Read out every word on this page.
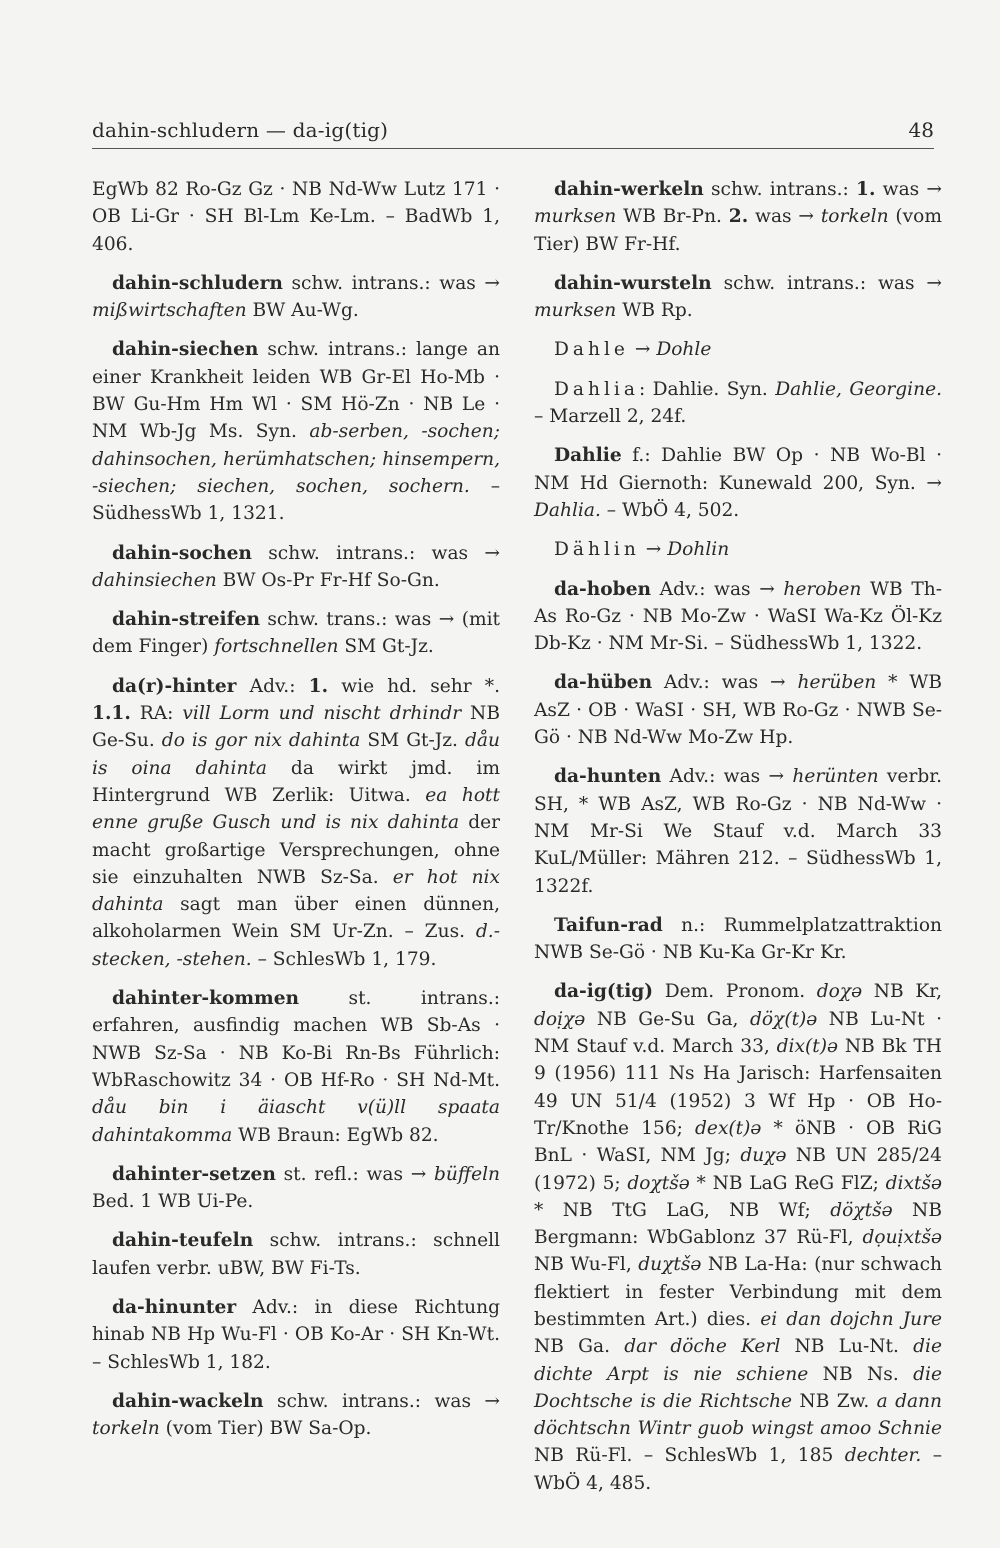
dahin-schludern — da-ig(tig)	48

EgWb 82 Ro-Gz Gz · NB Nd-Ww Lutz 171 · OB Li-Gr · SH Bl-Lm Ke-Lm. – BadWb 1, 406.

dahin-schludern schw. intrans.: was → mißwirtschaften BW Au-Wg.

dahin-siechen schw. intrans.: lange an einer Krankheit leiden WB Gr-El Ho-Mb · BW Gu-Hm Hm Wl · SM Hö-Zn · NB Le · NM Wb-Jg Ms. Syn. ab-serben, -sochen; dahinsochen, herümhatschen; hinsempern, -siechen; siechen, sochen, sochern. – SüdhessWb 1, 1321.

dahin-sochen schw. intrans.: was → dahinsiechen BW Os-Pr Fr-Hf So-Gn.

dahin-streifen schw. trans.: was → (mit dem Finger) fortschnellen SM Gt-Jz.

da(r)-hinter Adv.: 1. wie hd. sehr *. 1.1. RA: vill Lorm und nischt drhindr NB Ge-Su. do is gor nix dahinta SM Gt-Jz. dåu is oina dahinta da wirkt jmd. im Hintergrund WB Zerlik: Uitwa. ea hott enne gruße Gusch und is nix dahinta der macht großartige Versprechungen, ohne sie einzuhalten NWB Sz-Sa. er hot nix dahinta sagt man über einen dünnen, alkoholarmen Wein SM Ur-Zn. – Zus. d.-stecken, -stehen. – SchlesWb 1, 179.

dahinter-kommen st. intrans.: erfahren, ausfindig machen WB Sb-As · NWB Sz-Sa · NB Ko-Bi Rn-Bs Führlich: WbRaschowitz 34 · OB Hf-Ro · SH Nd-Mt. dåu bin i äiascht v(ü)ll spaata dahintakomma WB Braun: EgWb 82.

dahinter-setzen st. refl.: was → büffeln Bed. 1 WB Ui-Pe.

dahin-teufeln schw. intrans.: schnell laufen verbr. uBW, BW Fi-Ts.

da-hinunter Adv.: in diese Richtung hinab NB Hp Wu-Fl · OB Ko-Ar · SH Kn-Wt. – SchlesWb 1, 182.

dahin-wackeln schw. intrans.: was → torkeln (vom Tier) BW Sa-Op.

dahin-werkeln schw. intrans.: 1. was → murksen WB Br-Pn. 2. was → torkeln (vom Tier) BW Fr-Hf.

dahin-wursteln schw. intrans.: was → murksen WB Rp.

Dahle → Dohle

Dahlia: Dahlie. Syn. Dahlie, Georgine. – Marzell 2, 24f.

Dahlie f.: Dahlie BW Op · NB Wo-Bl · NM Hd Giernoth: Kunewald 200, Syn. → Dahlia. – WbÖ 4, 502.

Dählin → Dohlin

da-hoben Adv.: was → heroben WB Th-As Ro-Gz · NB Mo-Zw · WaSI Wa-Kz Öl-Kz Db-Kz · NM Mr-Si. – SüdhessWb 1, 1322.

da-hüben Adv.: was → herüben * WB AsZ · OB · WaSI · SH, WB Ro-Gz · NWB Se-Gö · NB Nd-Ww Mo-Zw Hp.

da-hunten Adv.: was → herünten verbr. SH, * WB AsZ, WB Ro-Gz · NB Nd-Ww · NM Mr-Si We Stauf v.d. March 33 KuL/Müller: Mähren 212. – SüdhessWb 1, 1322f.

Taifun-rad n.: Rummelplatzattraktion NWB Se-Gö · NB Ku-Ka Gr-Kr Kr.

da-ig(tig) Dem. Pronom. doχə NB Kr, doịχə NB Ge-Su Ga, döχ(t)ə NB Lu-Nt · NM Stauf v.d. March 33, dix(t)ə NB Bk TH 9 (1956) 111 Ns Ha Jarisch: Harfensaiten 49 UN 51/4 (1952) 3 Wf Hp · OB Ho-Tr/Knothe 156; dex(t)ə * öNB · OB RiG BnL · WaSI, NM Jg; duχə NB UN 285/24 (1972) 5; doχtšə * NB LaG ReG FlZ; dixtšə * NB TtG LaG, NB Wf; döχtšə NB Bergmann: WbGablonz 37 Rü-Fl, dọuịxtšə NB Wu-Fl, duχtšə NB La-Ha: (nur schwach flektiert in fester Verbindung mit dem bestimmten Art.) dies. ei dan dojchn Jure NB Ga. dar döche Kerl NB Lu-Nt. die dichte Arpt is nie schiene NB Ns. die Dochtsche is die Richtsche NB Zw. a dann döchtschn Wintr guob wingst amoo Schnie NB Rü-Fl. – SchlesWb 1, 185 dechter. – WbÖ 4, 485.
